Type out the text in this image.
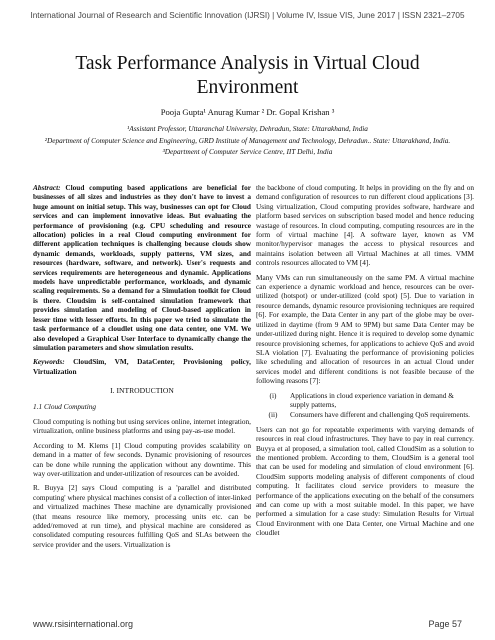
International Journal of Research and Scientific Innovation (IJRSI) | Volume IV, Issue VIS, June 2017 | ISSN 2321–2705
Task Performance Analysis in Virtual Cloud Environment
Pooja Gupta¹ Anurag Kumar ² Dr. Gopal Krishan ³

¹Assistant Professor, Uttaranchal University, Dehradun, State: Uttarakhand, India

²Department of Computer Science and Engineering, GRD Institute of Management and Technology, Dehradun.. State: Uttarakhand, India.

³Department of Computer Service Centre, IIT Delhi, India

Abstract: Cloud computing based applications are beneficial for businesses of all sizes and industries as they don't have to invest a huge amount on initial setup. This way, businesses can opt for Cloud services and can implement innovative ideas. But evaluating the performance of provisioning (e.g. CPU scheduling and resource allocation) policies in a real Cloud computing environment for different application techniques is challenging because clouds show dynamic demands, workloads, supply patterns, VM sizes, and resources (hardware, software, and network). User's requests and services requirements are heterogeneous and dynamic. Applications models have unpredictable performance, workloads, and dynamic scaling requirements. So a demand for a Simulation toolkit for Cloud is there. Cloudsim is self-contained simulation framework that provides simulation and modeling of Cloud-based application in lesser time with lesser efforts. In this paper we tried to simulate the task performance of a cloudlet using one data center, one VM. We also developed a Graphical User Interface to dynamically change the simulation parameters and show simulation results.

Keywords: CloudSim, VM, DataCenter, Provisioning policy, Virtualization

I. INTRODUCTION

1.1 Cloud Computing

Cloud computing is nothing but using services online, internet integration, virtualization, online business platforms and using pay-as-use model.

According to M. Klems [1] Cloud computing provides scalability on demand in a matter of few seconds. Dynamic provisioning of resources can be done while running the application without any downtime. This way over-utilization and under-utilization of resources can be avoided.

R. Buyya [2] says Cloud computing is a 'parallel and distributed computing' where physical machines consist of a collection of inter-linked and virtualized machines These machine are dynamically provisioned (that means resource like memory, processing units etc. can be added/removed at run time), and physical machine are considered as consolidated computing resources fulfilling QoS and SLAs between the service provider and the users. Virtualization is

the backbone of cloud computing. It helps in providing on the fly and on demand configuration of resources to run different cloud applications [3]. Using virtualization, Cloud computing provides software, hardware and platform based services on subscription based model and hence reducing wastage of resources. In cloud computing, computing resources are in the form of virtual machine [4]. A software layer, known as VM monitor/hypervisor manages the access to physical resources and maintains isolation between all Virtual Machines at all times. VMM controls resources allocated to VM [4].

Many VMs can run simultaneously on the same PM. A virtual machine can experience a dynamic workload and hence, resources can be over-utilized (hotspot) or under-utilized (cold spot) [5]. Due to variation in resource demands, dynamic resource provisioning techniques are required [6]. For example, the Data Center in any part of the globe may be over-utilized in daytime (from 9 AM to 9PM) but same Data Center may be under-utilized during night. Hence it is required to develop some dynamic resource provisioning schemes, for applications to achieve QoS and avoid SLA violation [7]. Evaluating the performance of provisioning policies like scheduling and allocation of resources in an actual Cloud under services model and different conditions is not feasible because of the following reasons [7]:

(i)	Applications in cloud experience variation in demand & supply patterns,
(ii)	Consumers have different and challenging QoS requirements.

Users can not go for repeatable experiments with varying demands of resources in real cloud infrastructures. They have to pay in real currency. Buyya et al proposed, a simulation tool, called CloudSim as a solution to the mentioned problem. According to them, CloudSim is a general tool that can be used for modeling and simulation of cloud environment [6]. CloudSim supports modeling analysis of different components of cloud computing. It facilitates cloud service providers to measure the performance of the applications executing on the behalf of the consumers and can come up with a most suitable model. In this paper, we have performed a simulation for a case study: Simulation Results for Virtual Cloud Environment with one Data Center, one Virtual Machine and one cloudlet

www.rsisinternational.org	Page 57
